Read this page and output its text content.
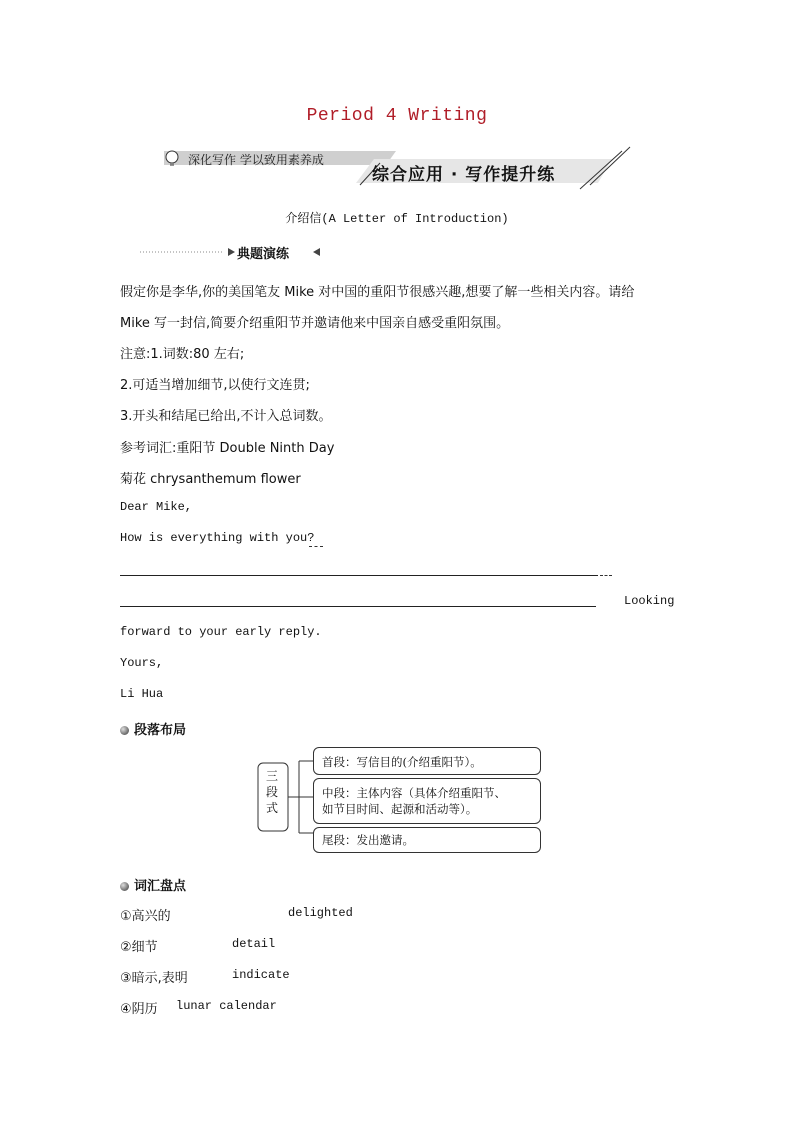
Period 4 Writing
深化写作 学以致用素养成
综合应用 · 写作提升练
介绍信(A Letter of Introduction)
典题演练
假定你是李华,你的美国笔友 Mike 对中国的重阳节很感兴趣,想要了解一些相关内容。请给
Mike 写一封信,简要介绍重阳节并邀请他来中国亲自感受重阳氛围。
注意:1.词数:80 左右;
2.可适当增加细节,以使行文连贯;
3.开头和结尾已给出,不计入总词数。
参考词汇:重阳节 Double Ninth Day
菊花 chrysanthemum flower
Dear Mike,
How is everything with you?
Looking
forward to your early reply.
Yours,
Li Hua
段落布局
三段式
首段：写信目的(介绍重阳节）。
中段：主体内容（具体介绍重阳节、
如节目时间、起源和活动等）。
尾段：发出邀请。
词汇盘点
①高兴的	delighted
②细节	detail
③暗示,表明	indicate
④阴历 lunar calendar
